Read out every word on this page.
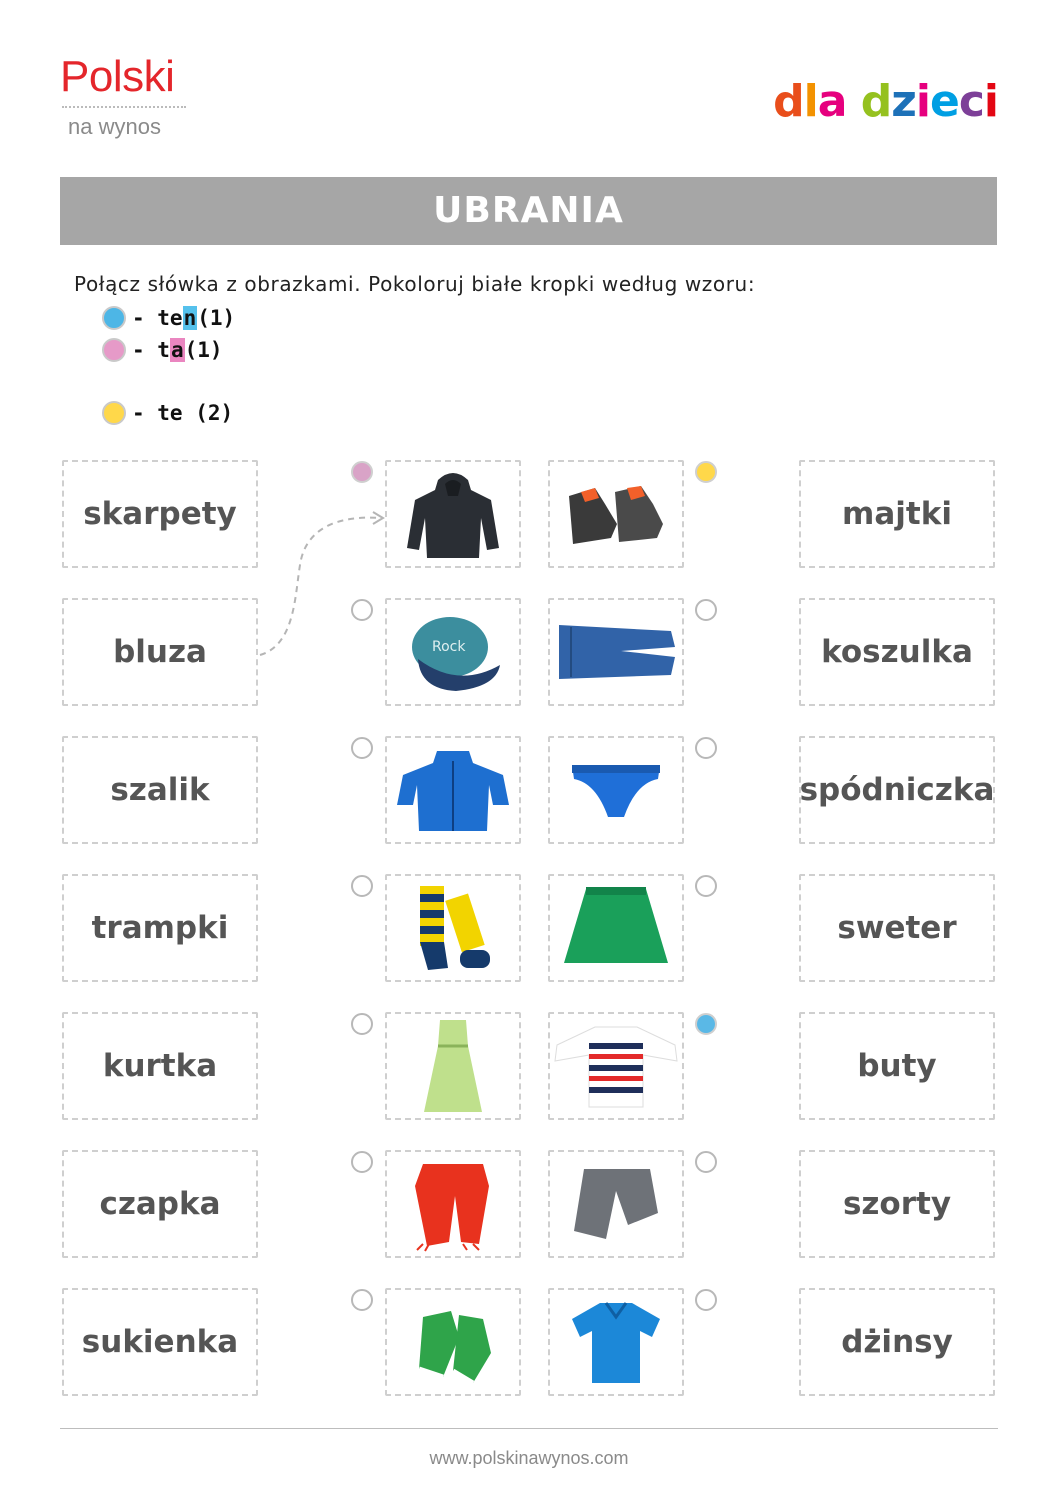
Polski
na wynos	dla dzieci
UBRANIA
Połącz słówka z obrazkami. Pokoloruj białe kropki według wzoru:
- te n (1)
- t a (1)
- te (2)
skarpety	majtki
bluza	Rock	koszulka
szalik	spódniczka
trampki	sweter
kurtka	buty
czapka	szorty
sukienka	dżinsy
www.polskinawynos.com
